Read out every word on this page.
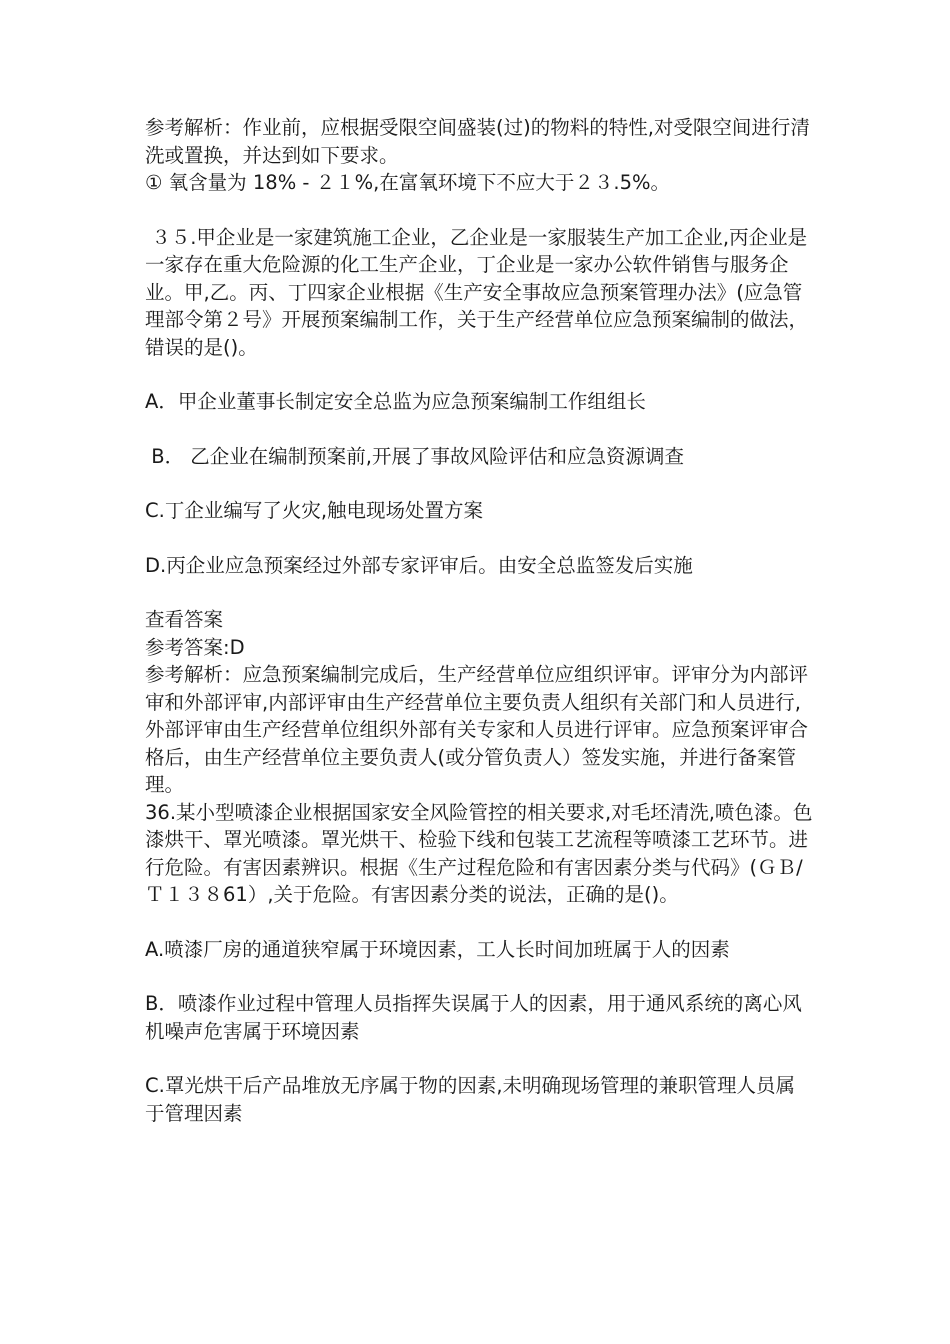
参考解析：作业前，应根据受限空间盛装(过)的物料的特性,对受限空间进行清洗或置换，并达到如下要求。

① 氧含量为 18% - ２１%,在富氧环境下不应大于２３.5%。

３５.甲企业是一家建筑施工企业，乙企业是一家服装生产加工企业,丙企业是一家存在重大危险源的化工生产企业，丁企业是一家办公软件销售与服务企业。甲,乙。丙、丁四家企业根据《生产安全事故应急预案管理办法》(应急管理部令第２号》开展预案编制工作，关于生产经营单位应急预案编制的做法，错误的是()。

A．甲企业董事长制定安全总监为应急预案编制工作组组长

B． 乙企业在编制预案前,开展了事故风险评估和应急资源调查

C.丁企业编写了火灾,触电现场处置方案

D.丙企业应急预案经过外部专家评审后。由安全总监签发后实施

查看答案

参考答案:D

参考解析：应急预案编制完成后，生产经营单位应组织评审。评审分为内部评审和外部评审,内部评审由生产经营单位主要负责人组织有关部门和人员进行,外部评审由生产经营单位组织外部有关专家和人员进行评审。应急预案评审合格后，由生产经营单位主要负责人(或分管负责人）签发实施，并进行备案管理。

36.某小型喷漆企业根据国家安全风险管控的相关要求,对毛坯清洗,喷色漆。色漆烘干、罩光喷漆。罩光烘干、检验下线和包装工艺流程等喷漆工艺环节。进行危险。有害因素辨识。根据《生产过程危险和有害因素分类与代码》(ＧＢ/Ｔ１３８61）,关于危险。有害因素分类的说法，正确的是()。

A.喷漆厂房的通道狭窄属于环境因素，工人长时间加班属于人的因素

B．喷漆作业过程中管理人员指挥失误属于人的因素，用于通风系统的离心风机噪声危害属于环境因素

C.罩光烘干后产品堆放无序属于物的因素,未明确现场管理的兼职管理人员属于管理因素
